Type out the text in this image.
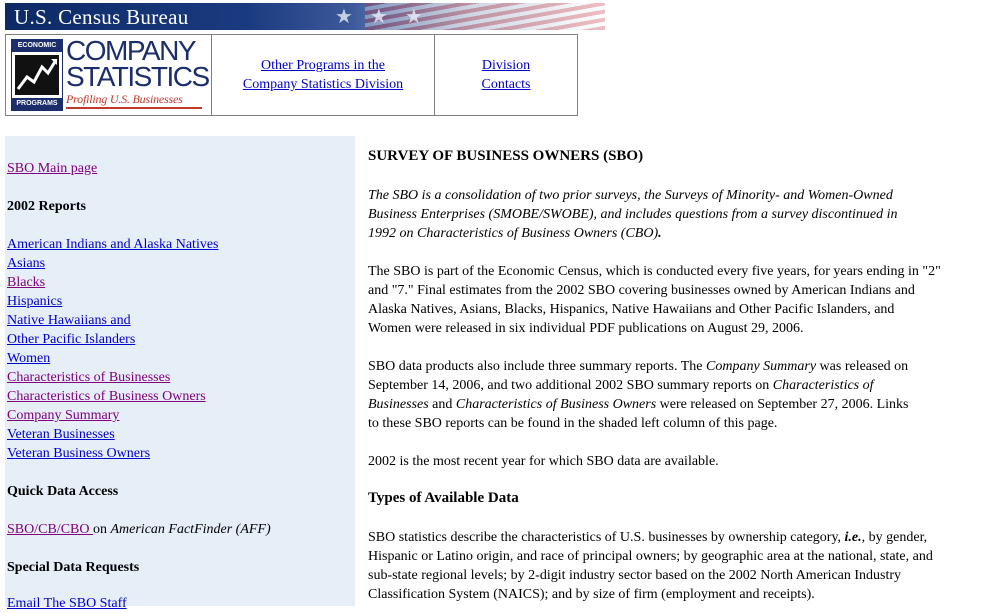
★ ★ ★
U.S. Census Bureau
ECONOMIC
PROGRAMS
COMPANY
STATISTICS
Profiling U.S. Businesses
Other Programs in the
Company Statistics Division
Division
Contacts
SBO Main page
2002 Reports
American Indians and Alaska Natives
Asians
Blacks
Hispanics
Native Hawaiians and
Other Pacific Islanders
Women
Characteristics of Businesses
Characteristics of Business Owners
Company Summary
Veteran Businesses
Veteran Business Owners
Quick Data Access
SBO/CB/CBO on American FactFinder (AFF)
Special Data Requests
Email The SBO Staff
SURVEY OF BUSINESS OWNERS (SBO)

The SBO is a consolidation of two prior surveys, the Surveys of Minority- and Women-Owned
Business Enterprises (SMOBE/SWOBE), and includes questions from a survey discontinued in
1992 on Characteristics of Business Owners (CBO).

The SBO is part of the Economic Census, which is conducted every five years, for years ending in "2"
and "7." Final estimates from the 2002 SBO covering businesses owned by American Indians and
Alaska Natives, Asians, Blacks, Hispanics, Native Hawaiians and Other Pacific Islanders, and
Women were released in six individual PDF publications on August 29, 2006.

SBO data products also include three summary reports. The Company Summary was released on
September 14, 2006, and two additional 2002 SBO summary reports on Characteristics of
Businesses and Characteristics of Business Owners were released on September 27, 2006. Links
to these SBO reports can be found in the shaded left column of this page.

2002 is the most recent year for which SBO data are available.

Types of Available Data

SBO statistics describe the characteristics of U.S. businesses by ownership category, i.e., by gender,
Hispanic or Latino origin, and race of principal owners; by geographic area at the national, state, and
sub-state regional levels; by 2-digit industry sector based on the 2002 North American Industry
Classification System (NAICS); and by size of firm (employment and receipts).
